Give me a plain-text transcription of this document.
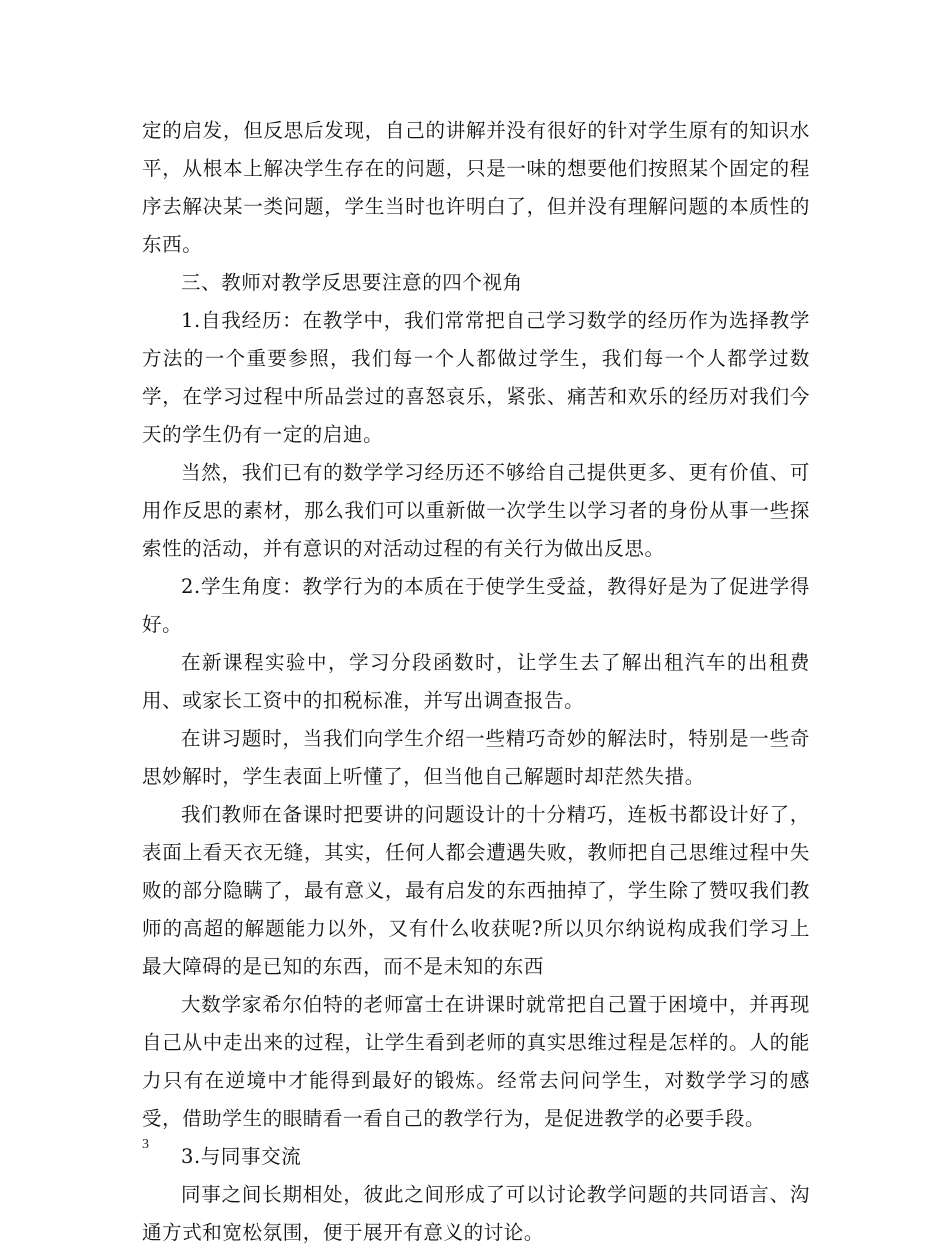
定的启发，但反思后发现，自己的讲解并没有很好的针对学生原有的知识水平，从根本上解决学生存在的问题，只是一味的想要他们按照某个固定的程序去解决某一类问题，学生当时也许明白了，但并没有理解问题的本质性的东西。

三、教师对教学反思要注意的四个视角

1.自我经历：在教学中，我们常常把自己学习数学的经历作为选择教学方法的一个重要参照，我们每一个人都做过学生，我们每一个人都学过数学，在学习过程中所品尝过的喜怒哀乐，紧张、痛苦和欢乐的经历对我们今天的学生仍有一定的启迪。

当然，我们已有的数学学习经历还不够给自己提供更多、更有价值、可用作反思的素材，那么我们可以重新做一次学生以学习者的身份从事一些探索性的活动，并有意识的对活动过程的有关行为做出反思。

2.学生角度：教学行为的本质在于使学生受益，教得好是为了促进学得好。

在新课程实验中，学习分段函数时，让学生去了解出租汽车的出租费用、或家长工资中的扣税标准，并写出调查报告。

在讲习题时，当我们向学生介绍一些精巧奇妙的解法时，特别是一些奇思妙解时，学生表面上听懂了，但当他自己解题时却茫然失措。

我们教师在备课时把要讲的问题设计的十分精巧，连板书都设计好了，表面上看天衣无缝，其实，任何人都会遭遇失败，教师把自己思维过程中失败的部分隐瞒了，最有意义，最有启发的东西抽掉了，学生除了赞叹我们教师的高超的解题能力以外，又有什么收获呢?所以贝尔纳说构成我们学习上最大障碍的是已知的东西，而不是未知的东西

大数学家希尔伯特的老师富士在讲课时就常把自己置于困境中，并再现自己从中走出来的过程，让学生看到老师的真实思维过程是怎样的。人的能力只有在逆境中才能得到最好的锻炼。经常去问问学生，对数学学习的感受，借助学生的眼睛看一看自己的教学行为，是促进教学的必要手段。

3.与同事交流

同事之间长期相处，彼此之间形成了可以讨论教学问题的共同语言、沟通方式和宽松氛围，便于展开有意义的讨论。

3
